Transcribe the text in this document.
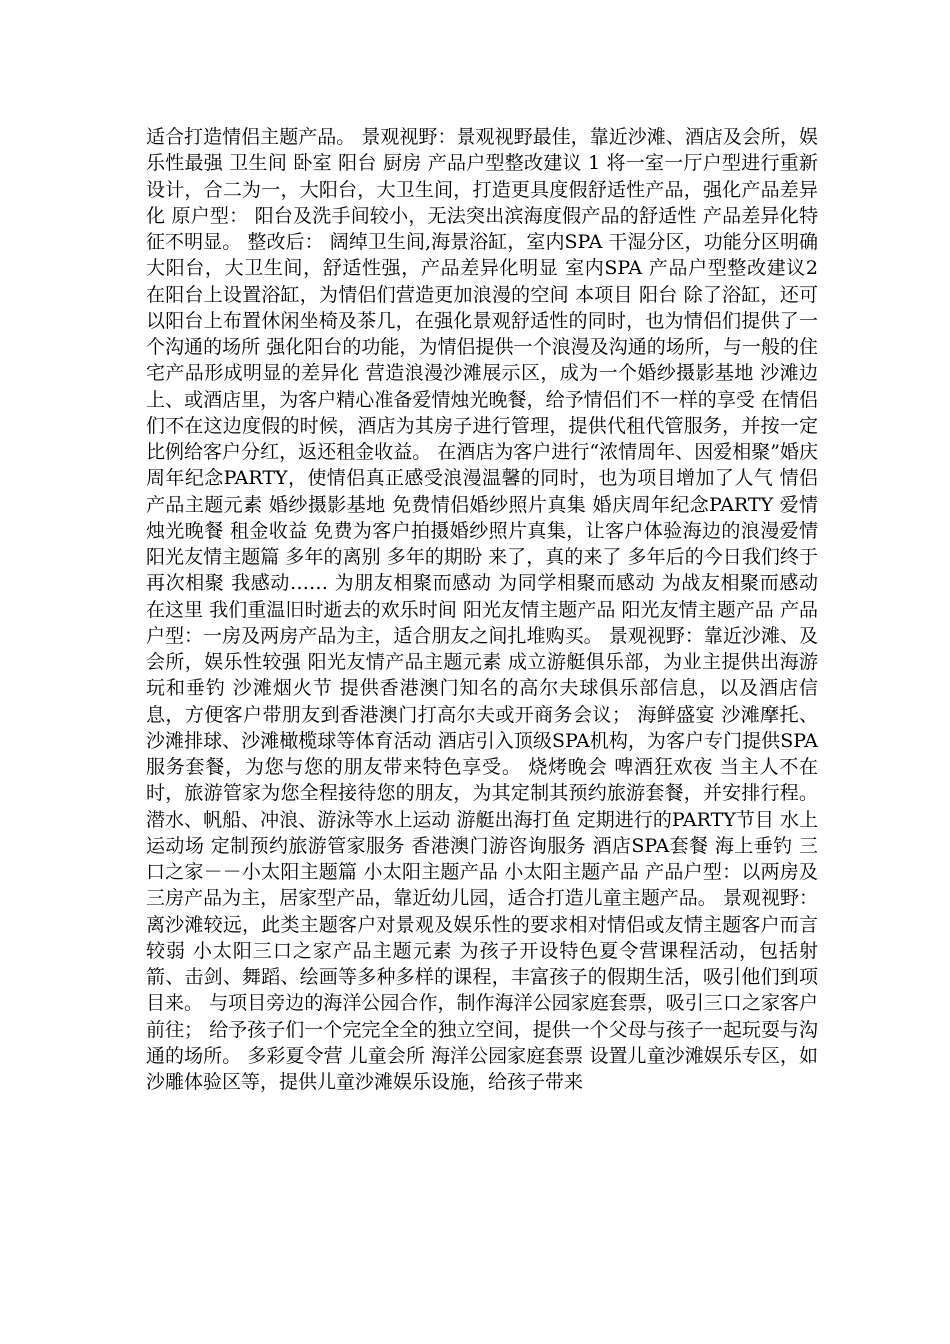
适合打造情侣主题产品。 景观视野：景观视野最佳，靠近沙滩、酒店及会所，娱乐性最强 卫生间 卧室 阳台 厨房 产品户型整改建议 1 将一室一厅户型进行重新设计，合二为一，大阳台，大卫生间，打造更具度假舒适性产品，强化产品差异化 原户型： 阳台及洗手间较小，无法突出滨海度假产品的舒适性 产品差异化特征不明显。 整改后： 阔绰卫生间,海景浴缸，室内SPA 干湿分区，功能分区明确 大阳台，大卫生间，舒适性强，产品差异化明显 室内SPA 产品户型整改建议2 在阳台上设置浴缸，为情侣们营造更加浪漫的空间 本项目 阳台 除了浴缸，还可以阳台上布置休闲坐椅及茶几，在强化景观舒适性的同时，也为情侣们提供了一个沟通的场所 强化阳台的功能，为情侣提供一个浪漫及沟通的场所，与一般的住宅产品形成明显的差异化 营造浪漫沙滩展示区，成为一个婚纱摄影基地 沙滩边上、或酒店里，为客户精心准备爱情烛光晚餐，给予情侣们不一样的享受 在情侣们不在这边度假的时候，酒店为其房子进行管理，提供代租代管服务，并按一定比例给客户分红，返还租金收益。 在酒店为客户进行“浓情周年、因爱相聚”婚庆周年纪念PARTY，使情侣真正感受浪漫温馨的同时，也为项目增加了人气 情侣产品主题元素 婚纱摄影基地 免费情侣婚纱照片真集 婚庆周年纪念PARTY 爱情烛光晚餐 租金收益 免费为客户拍摄婚纱照片真集，让客户体验海边的浪漫爱情 阳光友情主题篇 多年的离别 多年的期盼 来了，真的来了 多年后的今日我们终于再次相聚 我感动…… 为朋友相聚而感动 为同学相聚而感动 为战友相聚而感动 在这里 我们重温旧时逝去的欢乐时间 阳光友情主题产品 阳光友情主题产品 产品户型：一房及两房产品为主，适合朋友之间扎堆购买。 景观视野：靠近沙滩、及会所，娱乐性较强 阳光友情产品主题元素 成立游艇俱乐部，为业主提供出海游玩和垂钓 沙滩烟火节 提供香港澳门知名的高尔夫球俱乐部信息，以及酒店信息，方便客户带朋友到香港澳门打高尔夫或开商务会议； 海鲜盛宴 沙滩摩托、沙滩排球、沙滩橄榄球等体育活动 酒店引入顶级SPA机构，为客户专门提供SPA服务套餐，为您与您的朋友带来特色享受。 烧烤晚会 啤酒狂欢夜 当主人不在时，旅游管家为您全程接待您的朋友，为其定制其预约旅游套餐，并安排行程。 潜水、帆船、冲浪、游泳等水上运动 游艇出海打鱼 定期进行的PARTY节目 水上运动场 定制预约旅游管家服务 香港澳门游咨询服务 酒店SPA套餐 海上垂钓 三口之家－－小太阳主题篇 小太阳主题产品 小太阳主题产品 产品户型：以两房及三房产品为主，居家型产品，靠近幼儿园，适合打造儿童主题产品。 景观视野：离沙滩较远，此类主题客户对景观及娱乐性的要求相对情侣或友情主题客户而言较弱 小太阳三口之家产品主题元素 为孩子开设特色夏令营课程活动，包括射箭、击剑、舞蹈、绘画等多种多样的课程，丰富孩子的假期生活，吸引他们到项目来。 与项目旁边的海洋公园合作，制作海洋公园家庭套票，吸引三口之家客户前往； 给予孩子们一个完完全全的独立空间，提供一个父母与孩子一起玩耍与沟通的场所。 多彩夏令营 儿童会所 海洋公园家庭套票 设置儿童沙滩娱乐专区，如沙雕体验区等，提供儿童沙滩娱乐设施，给孩子带来
